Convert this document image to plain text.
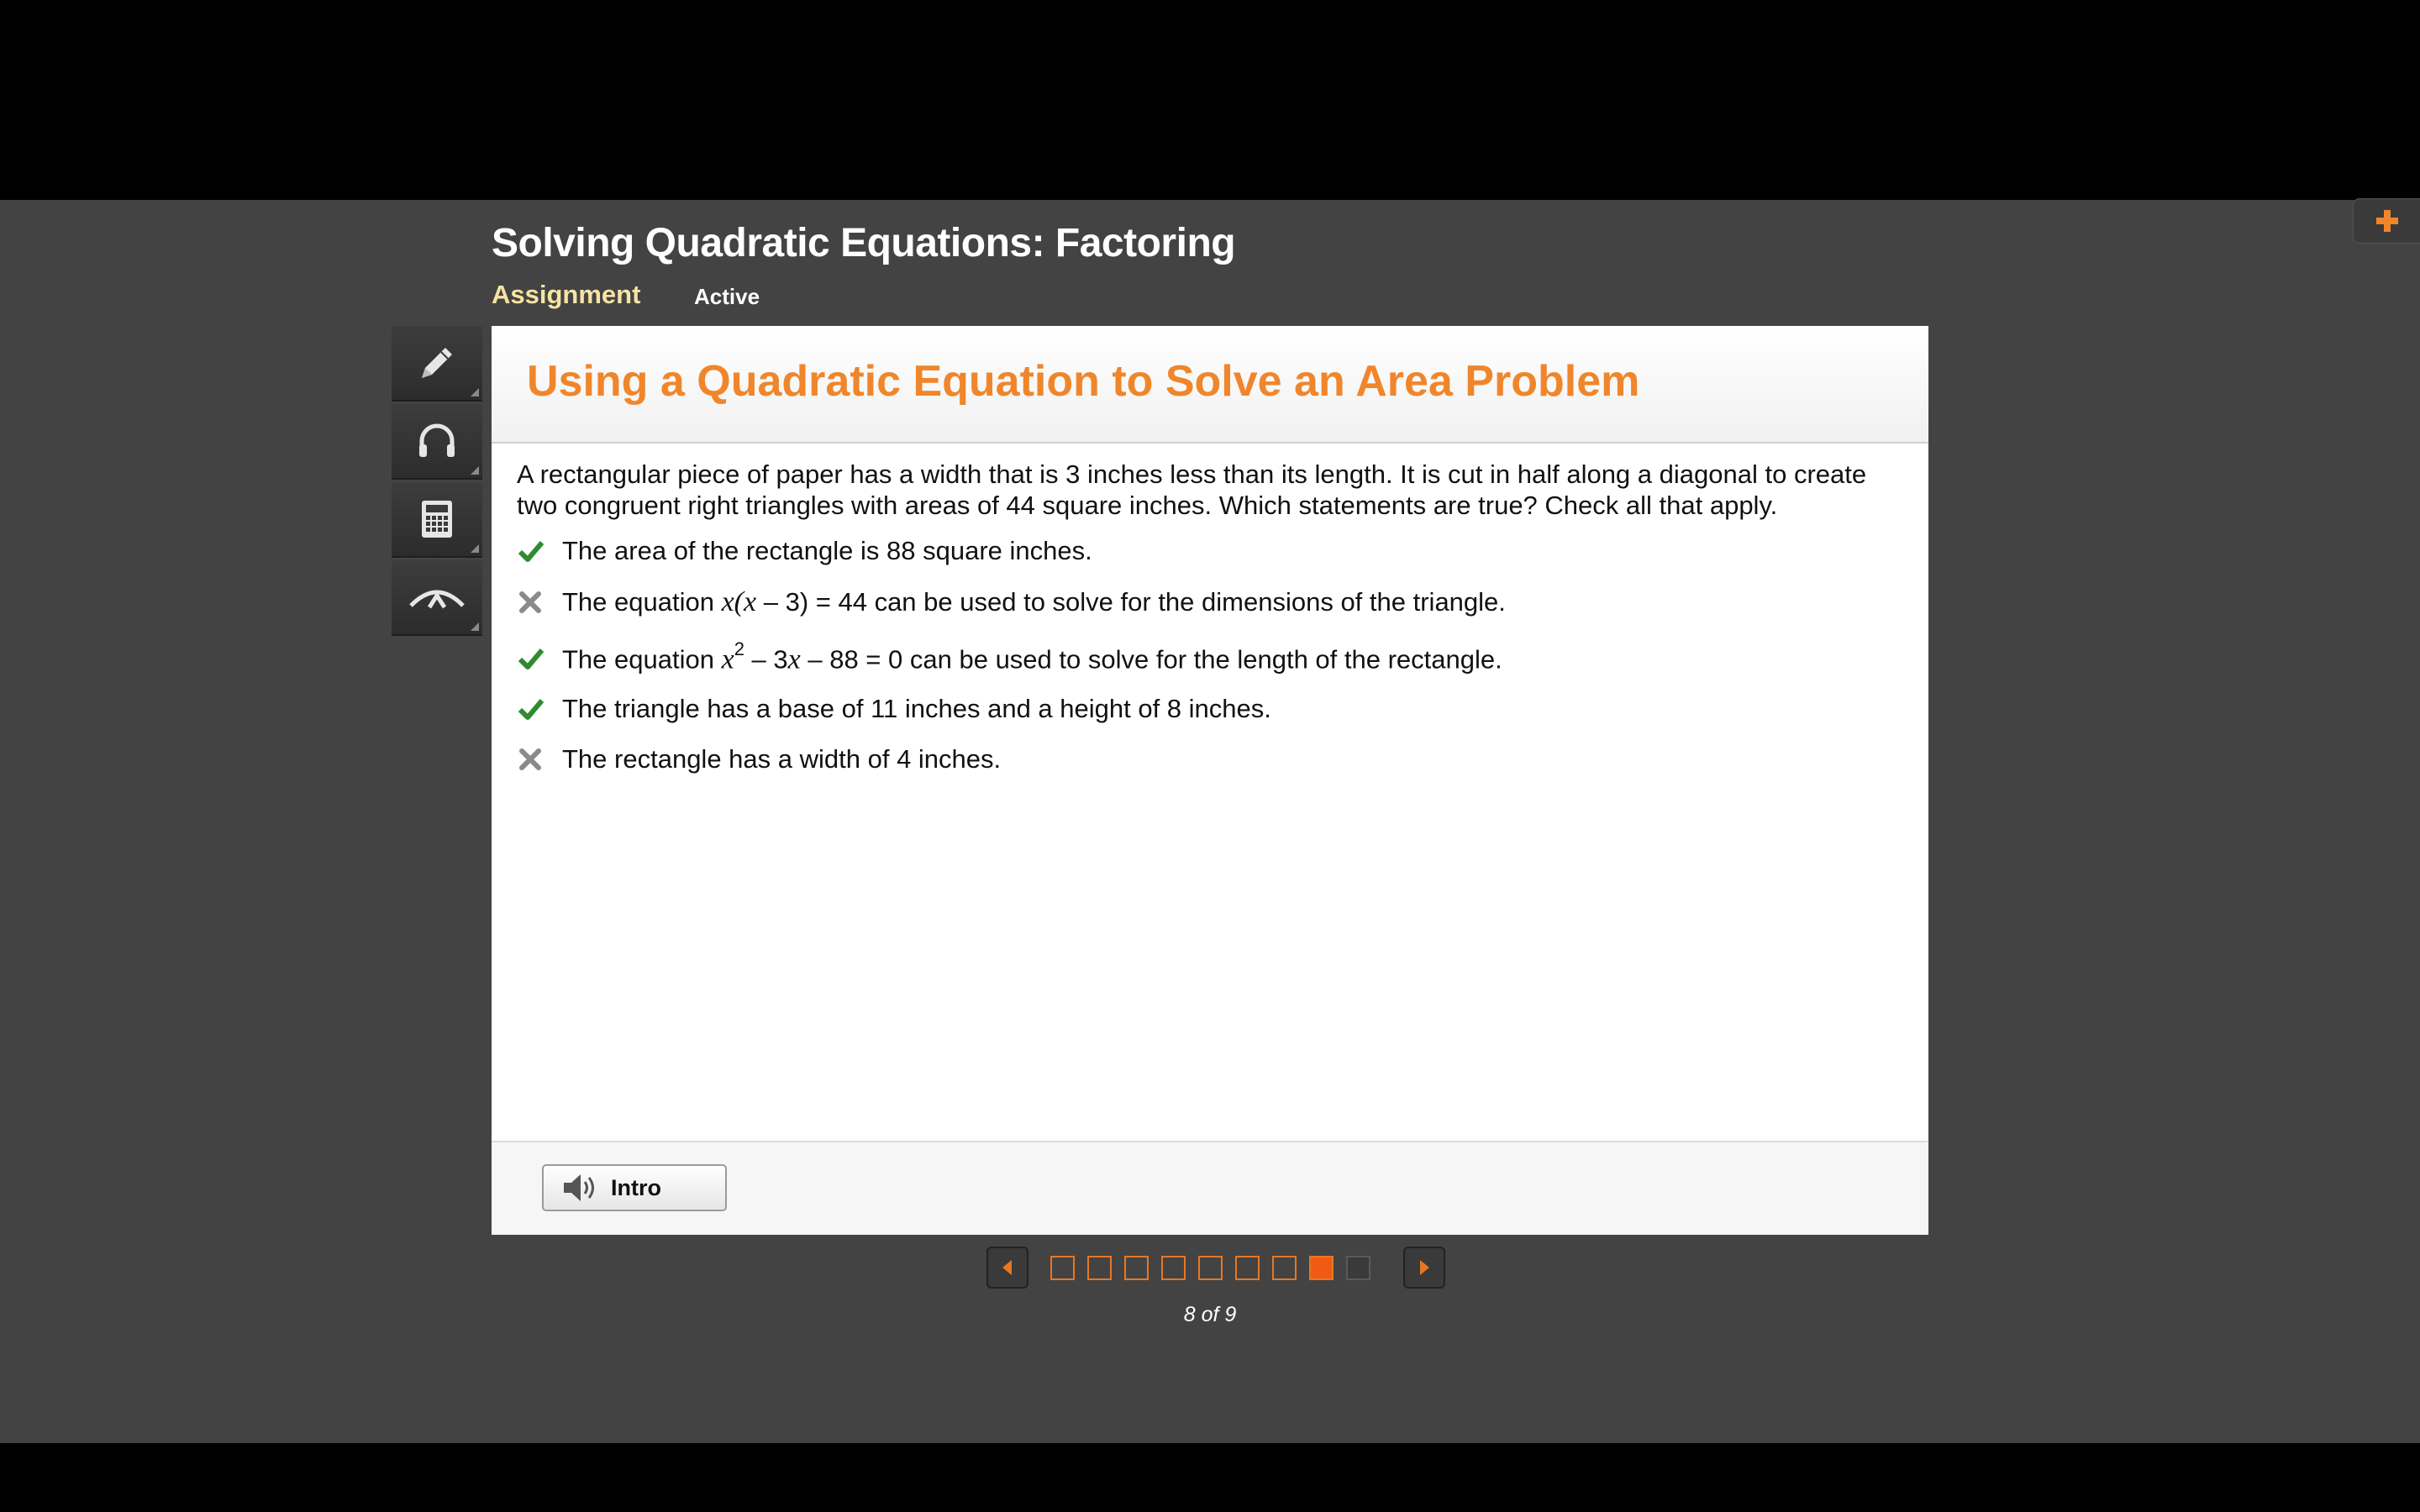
Solving Quadratic Equations: Factoring
Assignment Active
Using a Quadratic Equation to Solve an Area Problem

A rectangular piece of paper has a width that is 3 inches less than its length. It is cut in half along a diagonal to create two congruent right triangles with areas of 44 square inches. Which statements are true? Check all that apply.

The area of the rectangle is 88 square inches.
The equation x(x – 3) = 44 can be used to solve for the dimensions of the triangle.
The equation $x^2 - 3x - 88 = 0$ can be used to solve for the length of the rectangle.
The triangle has a base of 11 inches and a height of 8 inches.
The rectangle has a width of 4 inches.
Intro
8 of 9
